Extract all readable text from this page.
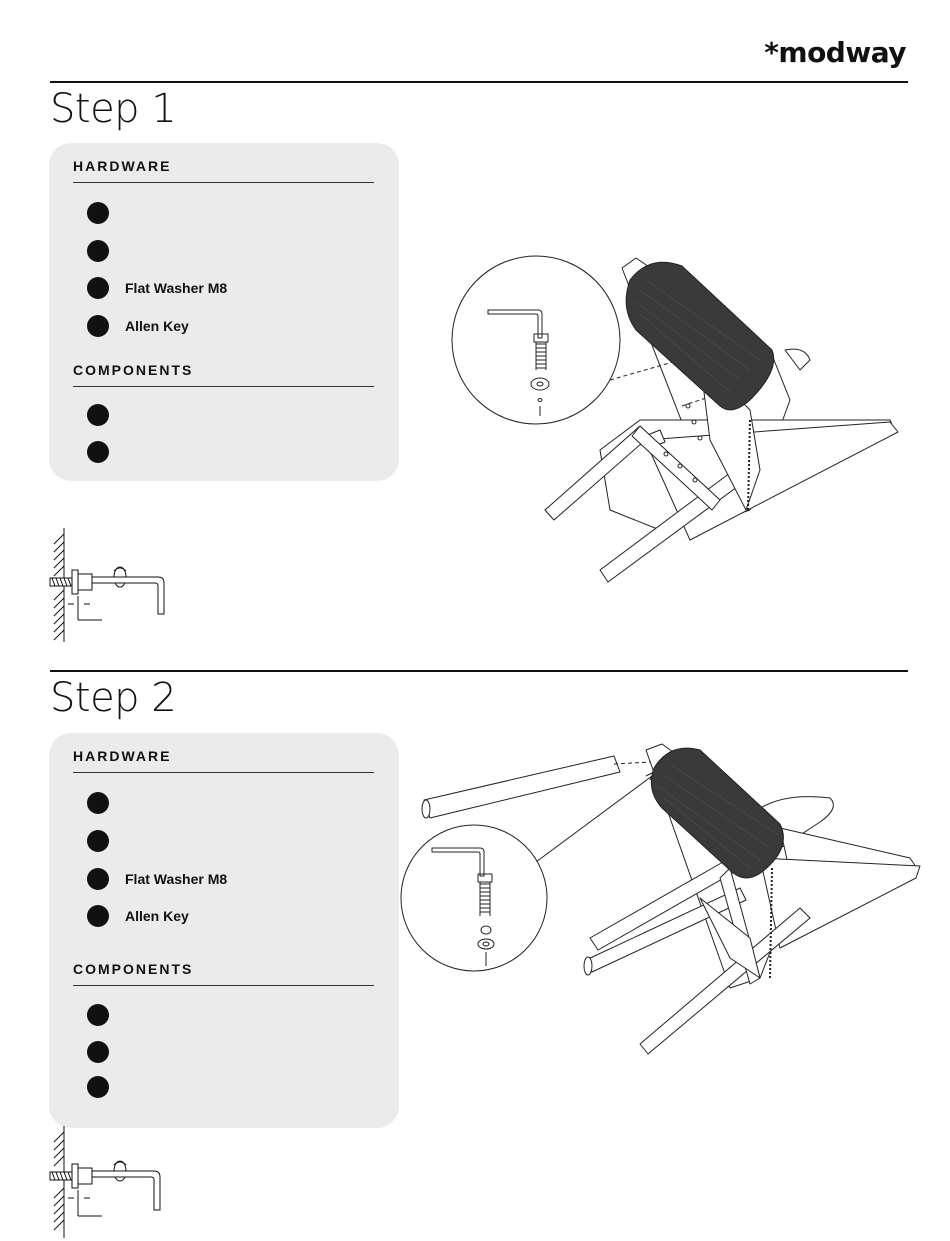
*modway
Step 1
HARDWARE
Flat Washer M8
Allen Key
COMPONENTS
Step 2
HARDWARE
Flat Washer M8
Allen Key
COMPONENTS
